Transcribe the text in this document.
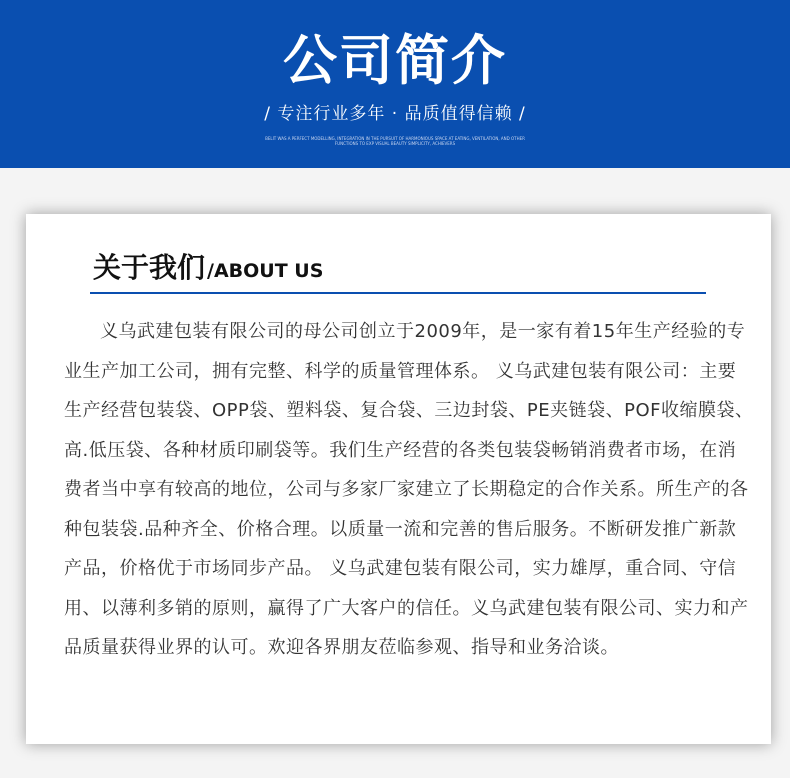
公司简介
/ 专注行业多年 · 品质值得信赖 /
BELIT WAS A PERFECT MODELLING, INTEGRATION IN THE PURSUIT OF HARMONIOUS SPACE AT EATING, VENTILATION, AND OTHER FUNCTIONS TO EXP VISUAL BEAUTY SIMPLICITY, ACHIEVERS
关于我们 /ABOUT US

义乌武建包装有限公司的母公司创立于2009年，是一家有着15年生产经验的专业生产加工公司，拥有完整、科学的质量管理体系。 义乌武建包装有限公司：主要生产经营包装袋、OPP袋、塑料袋、复合袋、三边封袋、PE夹链袋、POF收缩膜袋、高.低压袋、各种材质印刷袋等。我们生产经营的各类包装袋畅销消费者市场，在消费者当中享有较高的地位，公司与多家厂家建立了长期稳定的合作关系。所生产的各种包装袋.品种齐全、价格合理。以质量一流和完善的售后服务。不断研发推广新款产品，价格优于市场同步产品。 义乌武建包装有限公司，实力雄厚，重合同、守信用、以薄利多销的原则，赢得了广大客户的信任。义乌武建包装有限公司、实力和产品质量获得业界的认可。欢迎各界朋友莅临参观、指导和业务洽谈。
